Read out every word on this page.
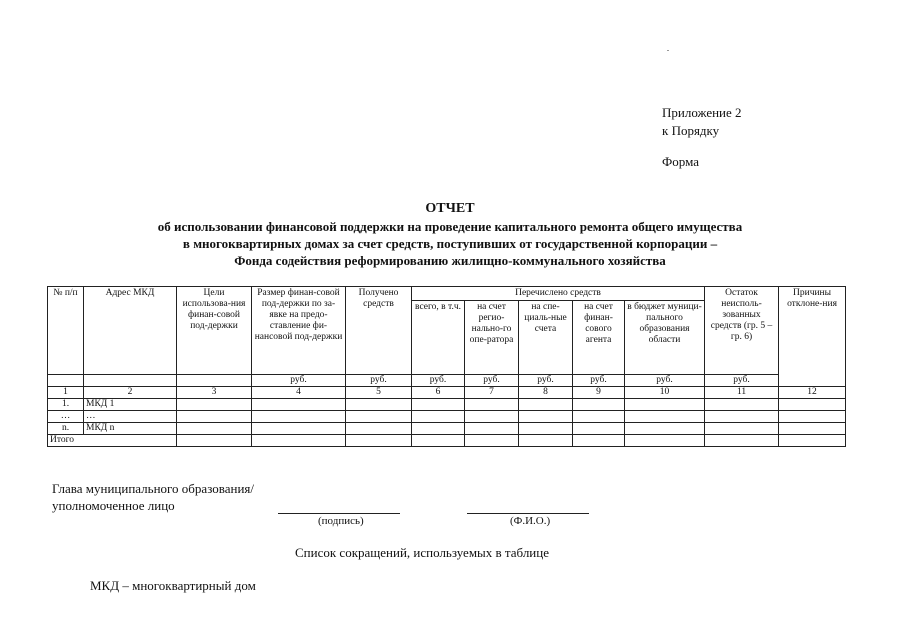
Приложение 2
к Порядку
Форма
ОТЧЕТ
об использовании финансовой поддержки на проведение капитального ремонта общего имущества
в многоквартирных домах за счет средств, поступивших от государственной корпорации –
Фонда содействия реформированию жилищно-коммунального хозяйства
№ п/п	Адрес МКД	Цели использова-ния финан-совой под-держки	Размер финан-совой под-держки по за-явке на предо-ставление фи-нансовой под-держки	Получено средств	Перечислено средств					Остаток неисполь-зованных средств (гр. 5 – гр. 6)	Причины отклоне-ния
					всего, в т.ч.	на счет регио-нально-го опе-ратора	на спе-циаль-ные счета	на счет финан-сового агента	в бюджет муници-пального образования области		
			руб.	руб.	руб.	руб.	руб.	руб.	руб.	руб.	
1	2	3	4	5	6	7	8	9	10	11	12
1.	МКД 1										
…	…										
n.	МКД n										
Итого											
Глава муниципального образования/
уполномоченное лицо
(подпись)	(Ф.И.О.)
Список сокращений, используемых в таблице
МКД – многоквартирный дом
